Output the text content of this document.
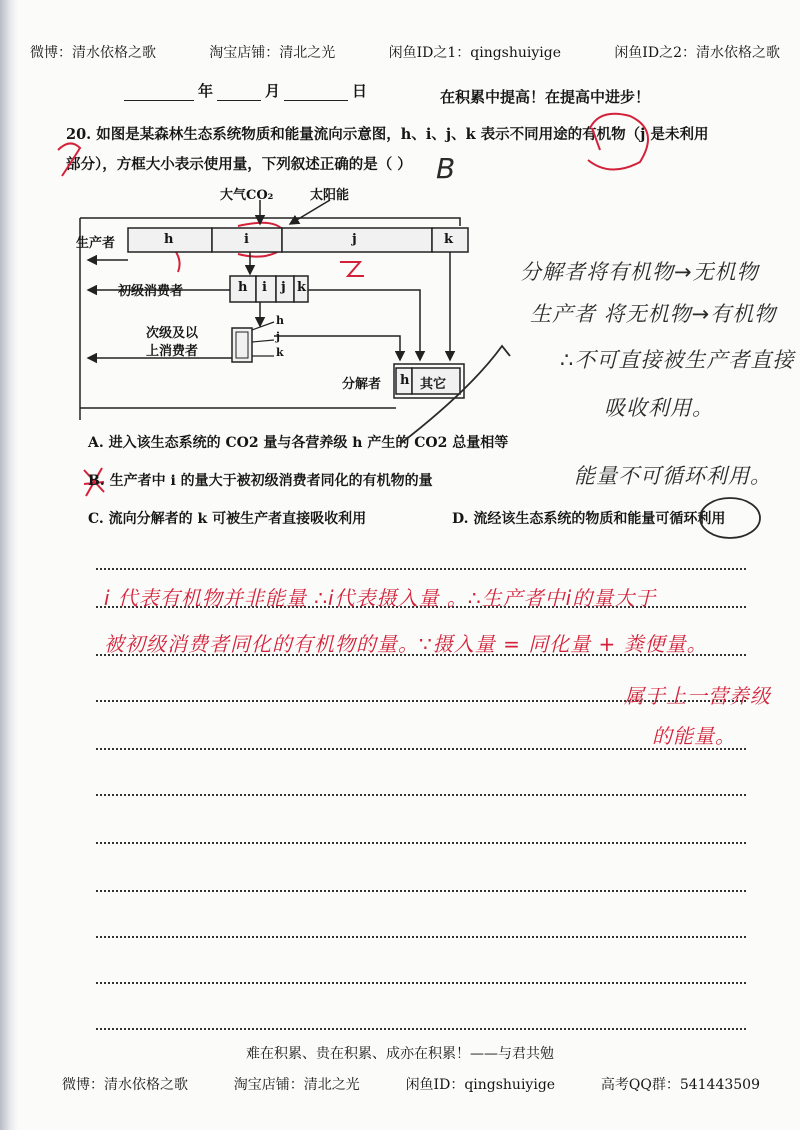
微博：清水依格之歌	淘宝店铺：清北之光	闲鱼ID之1：qingshuiyige	闲鱼ID之2：清水依格之歌
年	月	日	在积累中提高！在提高中进步！
20. 如图是某森林生态系统物质和能量流向示意图，h、i、j、k 表示不同用途的有机物（j 是未利用
部分），方框大小表示使用量，下列叙述正确的是（ ） B
大气CO₂	太阳能
生产者	h	i	j	k
初级消费者	h i j k
次级及以
上消费者
h
j
k
分解者 h 其它
A. 进入该生态系统的 CO2 量与各营养级 h 产生的 CO2 总量相等
B. 生产者中 i 的量大于被初级消费者同化的有机物的量
C. 流向分解者的 k 可被生产者直接吸收利用	D. 流经该生态系统的物质和能量可循环利用
分解者将有机物→无机物
生产者 将无机物→有机物
∴不可直接被生产者直接
吸收利用。
能量不可循环利用。
i 代表有机物并非能量 ∴i代表摄入量 。∴生产者中i的量大于
被初级消费者同化的有机物的量。∵摄入量 = 同化量 + 粪便量。
属于上一营养级
的能量。
难在积累、贵在积累、成亦在积累！——与君共勉
微博：清水依格之歌	淘宝店铺：清北之光	闲鱼ID：qingshuiyige	高考QQ群：541443509
